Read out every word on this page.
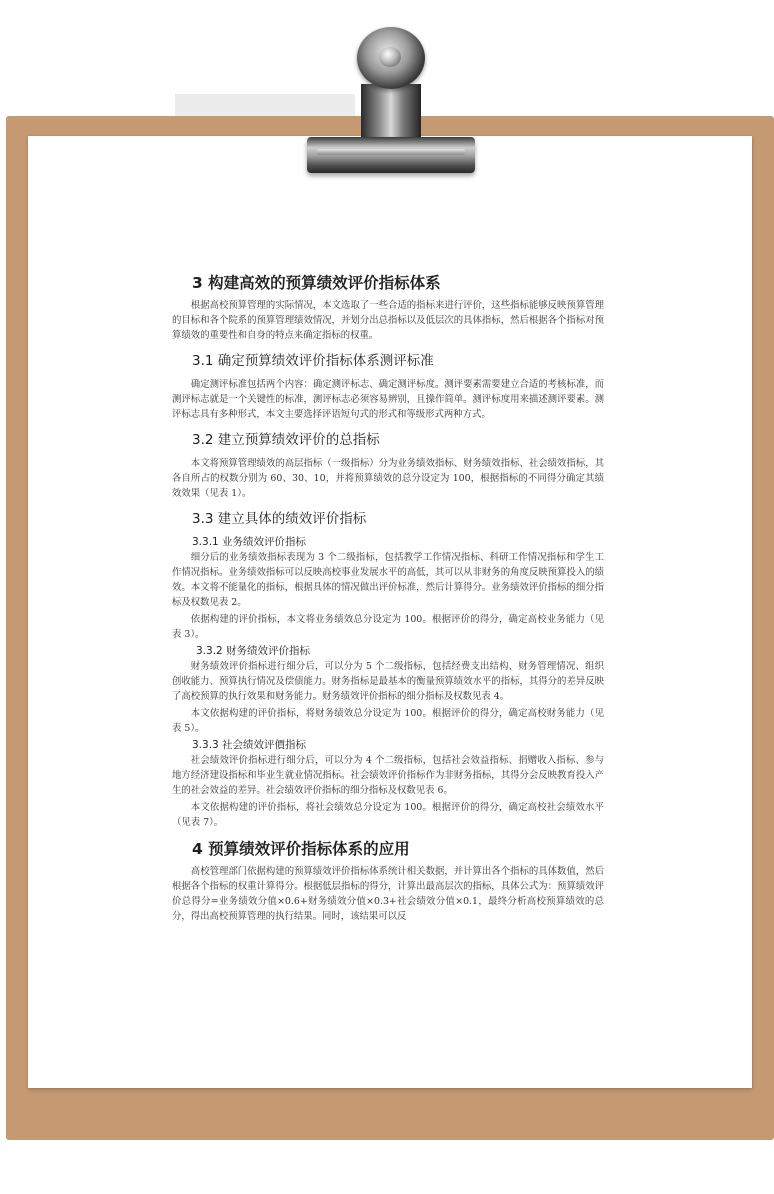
3 构建高效的预算绩效评价指标体系
根据高校预算管理的实际情况，本文选取了一些合适的指标来进行评价，这些指标能够反映预算管理的目标和各个院系的预算管理绩效情况，并划分出总指标以及低层次的具体指标，然后根据各个指标对预算绩效的重要性和自身的特点来确定指标的权重。
3.1 确定预算绩效评价指标体系测评标准
确定测评标准包括两个内容：确定测评标志、确定测评标度。测评要素需要建立合适的考核标准，而测评标志就是一个关键性的标准，测评标志必须容易辨别，且操作简单。测评标度用来描述测评要素。测评标志具有多种形式，本文主要选择评语短句式的形式和等级形式两种方式。
3.2 建立预算绩效评价的总指标
本文将预算管理绩效的高层指标（一级指标）分为业务绩效指标、财务绩效指标、社会绩效指标，其各自所占的权数分别为 60、30、10，并将预算绩效的总分设定为 100，根据指标的不同得分确定其绩效效果（见表 1）。
3.3 建立具体的绩效评价指标
3.3.1 业务绩效评价指标
细分后的业务绩效指标表现为 3 个二级指标，包括教学工作情况指标、科研工作情况指标和学生工作情况指标。业务绩效指标可以反映高校事业发展水平的高低，其可以从非财务的角度反映预算投入的绩效。本文将不能量化的指标，根据具体的情况做出评价标准，然后计算得分。业务绩效评价指标的细分指标及权数见表 2。
依据构建的评价指标，本文将业务绩效总分设定为 100。根据评价的得分，确定高校业务能力（见表 3）。
3.3.2 财务绩效评价指标
财务绩效评价指标进行细分后，可以分为 5 个二级指标，包括经费支出结构、财务管理情况、组织创收能力、预算执行情况及偿债能力。财务指标是最基本的衡量预算绩效水平的指标，其得分的差异反映了高校预算的执行效果和财务能力。财务绩效评价指标的细分指标及权数见表 4。
本文依据构建的评价指标，将财务绩效总分设定为 100。根据评价的得分，确定高校财务能力（见表 5）。
3.3.3 社会绩效评價指标
社会绩效评价指标进行细分后，可以分为 4 个二级指标，包括社会效益指标、捐赠收入指标、参与地方经济建设指标和毕业生就业情况指标。社会绩效评价指标作为非财务指标，其得分会反映教育投入产生的社会效益的差异。社会绩效评价指标的细分指标及权数见表 6。
本文依据构建的评价指标，将社会绩效总分设定为 100。根据评价的得分，确定高校社会绩效水平（见表 7）。
4 预算绩效评价指标体系的应用
高校管理部门依据构建的预算绩效评价指标体系统计相关数据，并计算出各个指标的具体数值，然后根据各个指标的权重计算得分。根据低层指标的得分，计算出最高层次的指标，具体公式为：预算绩效评价总得分=业务绩效分值×0.6+财务绩效分值×0.3+社会绩效分值×0.1，最终分析高校预算绩效的总分，得出高校预算管理的执行结果。同时，该结果可以反
